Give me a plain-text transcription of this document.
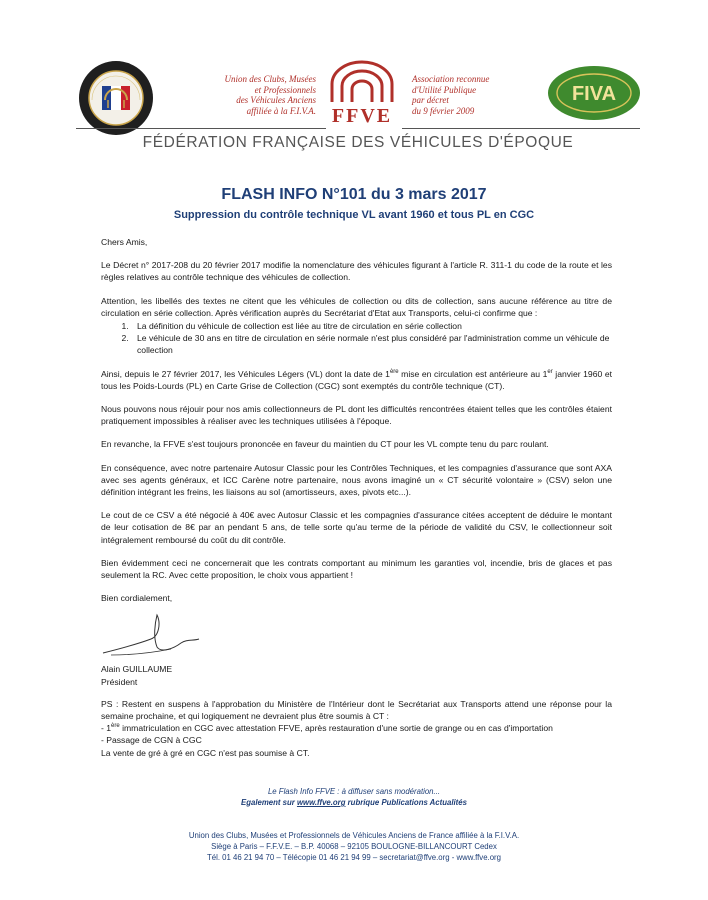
Union des Clubs, Musées
et Professionnels
des Véhicules Anciens
affiliée à la F.I.V.A. FFVE
Association reconnue
d'Utilité Publique
par décret
du 9 février 2009
FIVA
FÉDÉRATION FRANÇAISE DES VÉHICULES D'ÉPOQUE
FLASH INFO N°101 du 3 mars 2017
Suppression du contrôle technique VL avant 1960 et tous PL en CGC

Chers Amis,

Le Décret n° 2017-208 du 20 février 2017 modifie la nomenclature des véhicules figurant à l'article R. 311-1 du code de la route et les règles relatives au contrôle technique des véhicules de collection.

Attention, les libellés des textes ne citent que les véhicules de collection ou dits de collection, sans aucune référence au titre de circulation en série collection. Après vérification auprès du Secrétariat d'Etat aux Transports, celui-ci confirme que :

1. La définition du véhicule de collection est liée au titre de circulation en série collection
2. Le véhicule de 30 ans en titre de circulation en série normale n'est plus considéré par l'administration comme un véhicule de collection

Ainsi, depuis le 27 février 2017, les Véhicules Légers (VL) dont la date de 1ère mise en circulation est antérieure au 1er janvier 1960 et tous les Poids-Lourds (PL) en Carte Grise de Collection (CGC) sont exemptés du contrôle technique (CT).

Nous pouvons nous réjouir pour nos amis collectionneurs de PL dont les difficultés rencontrées étaient telles que les contrôles étaient pratiquement impossibles à réaliser avec les techniques utilisées à l'époque.

En revanche, la FFVE s'est toujours prononcée en faveur du maintien du CT pour les VL compte tenu du parc roulant.

En conséquence, avec notre partenaire Autosur Classic pour les Contrôles Techniques, et les compagnies d'assurance que sont AXA avec ses agents généraux, et ICC Carène notre partenaire, nous avons imaginé un « CT sécurité volontaire » (CSV) selon une définition intégrant les freins, les liaisons au sol (amortisseurs, axes, pivots etc...).

Le cout de ce CSV a été négocié à 40€ avec Autosur Classic et les compagnies d'assurance citées acceptent de déduire le montant de leur cotisation de 8€ par an pendant 5 ans, de telle sorte qu'au terme de la période de validité du CSV, le collectionneur soit intégralement remboursé du coût du dit contrôle.

Bien évidemment ceci ne concernerait que les contrats comportant au minimum les garanties vol, incendie, bris de glaces et pas seulement la RC. Avec cette proposition, le choix vous appartient !

Bien cordialement,

Alain GUILLAUME
Président

PS : Restent en suspens à l'approbation du Ministère de l'Intérieur dont le Secrétariat aux Transports attend une réponse pour la semaine prochaine, et qui logiquement ne devraient plus être soumis à CT :

- 1ère immatriculation en CGC avec attestation FFVE, après restauration d'une sortie de grange ou en cas d'importation

- Passage de CGN à CGC

La vente de gré à gré en CGC n'est pas soumise à CT.

Le Flash Info FFVE : à diffuser sans modération...
Egalement sur www.ffve.org rubrique Publications Actualités
Union des Clubs, Musées et Professionnels de Véhicules Anciens de France affiliée à la F.I.V.A.
Siège à Paris – F.F.V.E. – B.P. 40068 – 92105 BOULOGNE-BILLANCOURT Cedex
Tél. 01 46 21 94 70 – Télécopie 01 46 21 94 99 – secretariat@ffve.org - www.ffve.org
